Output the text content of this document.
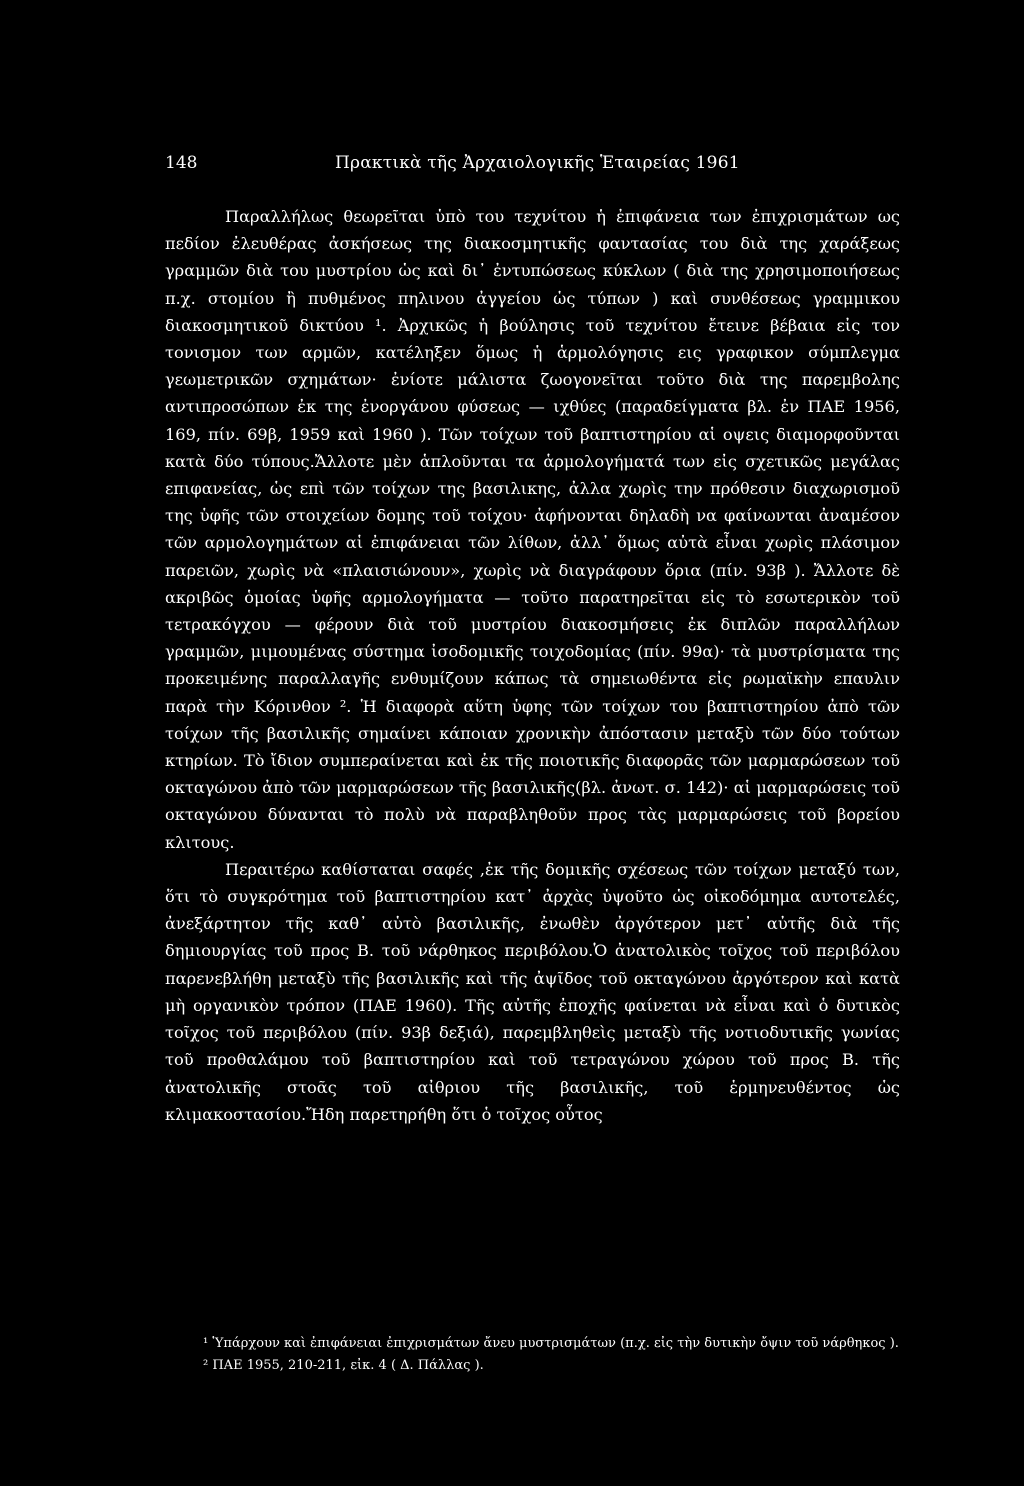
148	Πρακτικὰ τῆς Ἀρχαιολογικῆς Ἑταιρείας 1961

Παραλλήλως θεωρεῖται ὑπὸ του τεχνίτου ἡ ἐπιφάνεια των ἐπιχρισμάτων ως πεδίον ἐλευθέρας ἀσκήσεως της διακοσμητικῆς φαντασίας του διὰ της χαράξεως γραμμῶν διὰ του μυστρίου ὡς καὶ δι᾽ ἐντυπώσεως κύκλων ( διὰ της χρησιμοποιήσεως π.χ. στομίου ἢ πυθμένος πηλινου ἀγγείου ὡς τύπων ) καὶ συνθέσεως γραμμικου διακοσμητικοῦ δικτύου ¹. Ἀρχικῶς ἡ βούλησις τοῦ τεχνίτου ἔτεινε βέβαια εἰς τον τονισμον των αρμῶν, κατέληξεν ὅμως ἡ ἁρμολόγησις εις γραφικον σύμπλεγμα γεωμετρικῶν σχημάτων· ἐνίοτε μάλιστα ζωογονεῖται τοῦτο διὰ της παρεμβολης αντιπροσώπων ἐκ της ἐνοργάνου φύσεως — ιχθύες (παραδείγματα βλ. ἐν ΠΑΕ 1956, 169, πίν. 69β, 1959 καὶ 1960 ). Τῶν τοίχων τοῦ βαπτιστηρίου αἱ οψεις διαμορφοῦνται κατὰ δύο τύπους.Ἄλλοτε μὲν ἁπλοῦνται τα ἁρμολογήματά των εἰς σχετικῶς μεγάλας επιφανείας, ὡς επὶ τῶν τοίχων της βασιλικης, ἀλλα χωρὶς την πρόθεσιν διαχωρισμοῦ της ὑφῆς τῶν στοιχείων δομης τοῦ τοίχου· ἀφήνονται δηλαδὴ να φαίνωνται ἀναμέσον τῶν αρμολογημάτων αἱ ἐπιφάνειαι τῶν λίθων, ἀλλ᾽ ὅμως αὐτὰ εἶναι χωρὶς πλάσιμον παρειῶν, χωρὶς νὰ «πλαισιώνουν», χωρὶς νὰ διαγράφουν ὅρια (πίν. 93β ). Ἄλλοτε δὲ ακριβῶς ὁμοίας ὑφῆς αρμολογήματα — τοῦτο παρατηρεῖται εἰς τὸ εσωτερικὸν τοῦ τετρακόγχου — φέρουν διὰ τοῦ μυστρίου διακοσμήσεις ἐκ διπλῶν παραλλήλων γραμμῶν, μιμουμένας σύστημα ἰσοδομικῆς τοιχοδομίας (πίν. 99α)· τὰ μυστρίσματα της προκειμένης παραλλαγῆς ενθυμίζουν κάπως τὰ σημειωθέντα εἰς ρωμαϊκὴν επαυλιν παρὰ τὴν Κόρινθον ². Ἡ διαφορὰ αὕτη ὑφης τῶν τοίχων του βαπτιστηρίου ἀπὸ τῶν τοίχων τῆς βασιλικῆς σημαίνει κάποιαν χρονικὴν ἀπόστασιν μεταξὺ τῶν δύο τούτων κτηρίων. Τὸ ἴδιον συμπεραίνεται καὶ ἐκ τῆς ποιοτικῆς διαφορᾶς τῶν μαρμαρώσεων τοῦ οκταγώνου ἀπὸ τῶν μαρμαρώσεων τῆς βασιλικῆς(βλ. ἀνωτ. σ. 142)· αἱ μαρμαρώσεις τοῦ οκταγώνου δύνανται τὸ πολὺ νὰ παραβληθοῦν προς τὰς μαρμαρώσεις τοῦ βορείου κλιτους.

Περαιτέρω καθίσταται σαφές ,ἐκ τῆς δομικῆς σχέσεως τῶν τοίχων μεταξύ των, ὅτι τὸ συγκρότημα τοῦ βαπτιστηρίου κατ᾽ ἀρχὰς ὑψοῦτο ὡς οἰκοδόμημα αυτοτελές, ἀνεξάρτητον τῆς καθ᾽ αὑτὸ βασιλικῆς, ἐνωθὲν ἀργότερον μετ᾽ αὐτῆς διὰ τῆς δημιουργίας τοῦ προς Β. τοῦ νάρθηκος περιβόλου.Ὁ ἀνατολικὸς τοῖχος τοῦ περιβόλου παρενεβλήθη μεταξὺ τῆς βασιλικῆς καὶ τῆς ἀψῖδος τοῦ οκταγώνου ἀργότερον καὶ κατὰ μὴ οργανικὸν τρόπον (ΠΑΕ 1960). Τῆς αὐτῆς ἐποχῆς φαίνεται νὰ εἶναι καὶ ὁ δυτικὸς τοῖχος τοῦ περιβόλου (πίν. 93β δεξιά), παρεμβληθεὶς μεταξὺ τῆς νοτιοδυτικῆς γωνίας τοῦ προθαλάμου τοῦ βαπτιστηρίου καὶ τοῦ τετραγώνου χώρου τοῦ προς Β. τῆς ἀνατολικῆς στοᾶς τοῦ αἰθριου τῆς βασιλικῆς, τοῦ ἑρμηνευθέντος ὡς κλιμακοστασίου.Ἤδη παρετηρήθη ὅτι ὁ τοῖχος οὗτος

¹ Ὑπάρχουν καὶ ἐπιφάνειαι ἐπιχρισμάτων ἄνευ μυστρισμάτων (π.χ. εἰς τὴν δυτικὴν ὄψιν τοῦ νάρθηκος ).

² ΠΑΕ 1955, 210-211, εἰκ. 4 ( Δ. Πάλλας ).
